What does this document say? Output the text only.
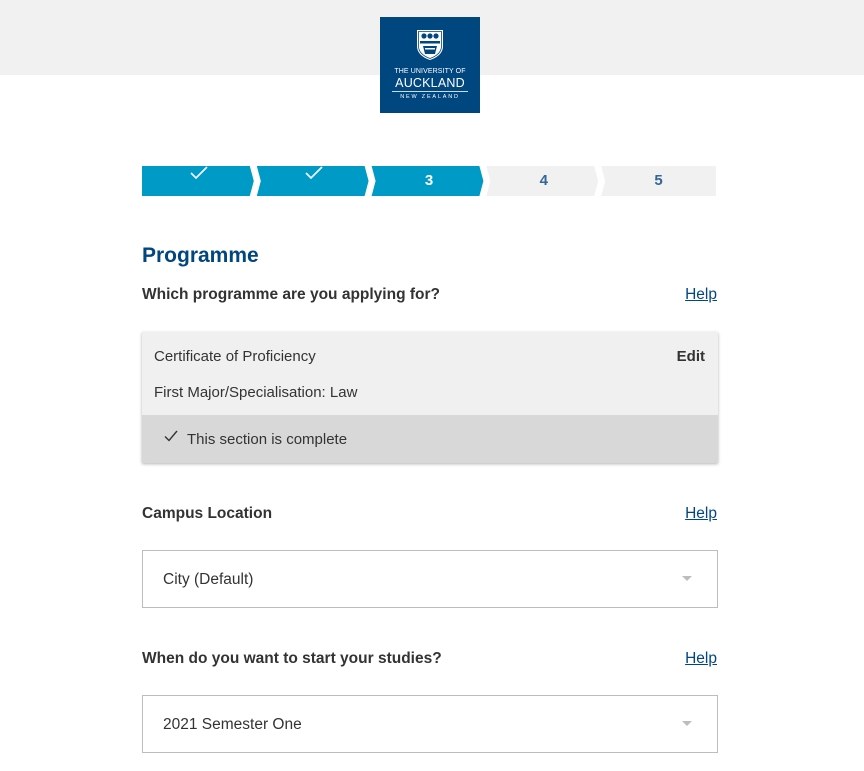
THE UNIVERSITY OF
AUCKLAND
NEW ZEALAND
3	4	5
Programme
Which programme are you applying for?	Help
Certificate of Proficiency	Edit
First Major/Specialisation: Law
This section is complete
Campus Location	Help
City (Default)
When do you want to start your studies?	Help
2021 Semester One
